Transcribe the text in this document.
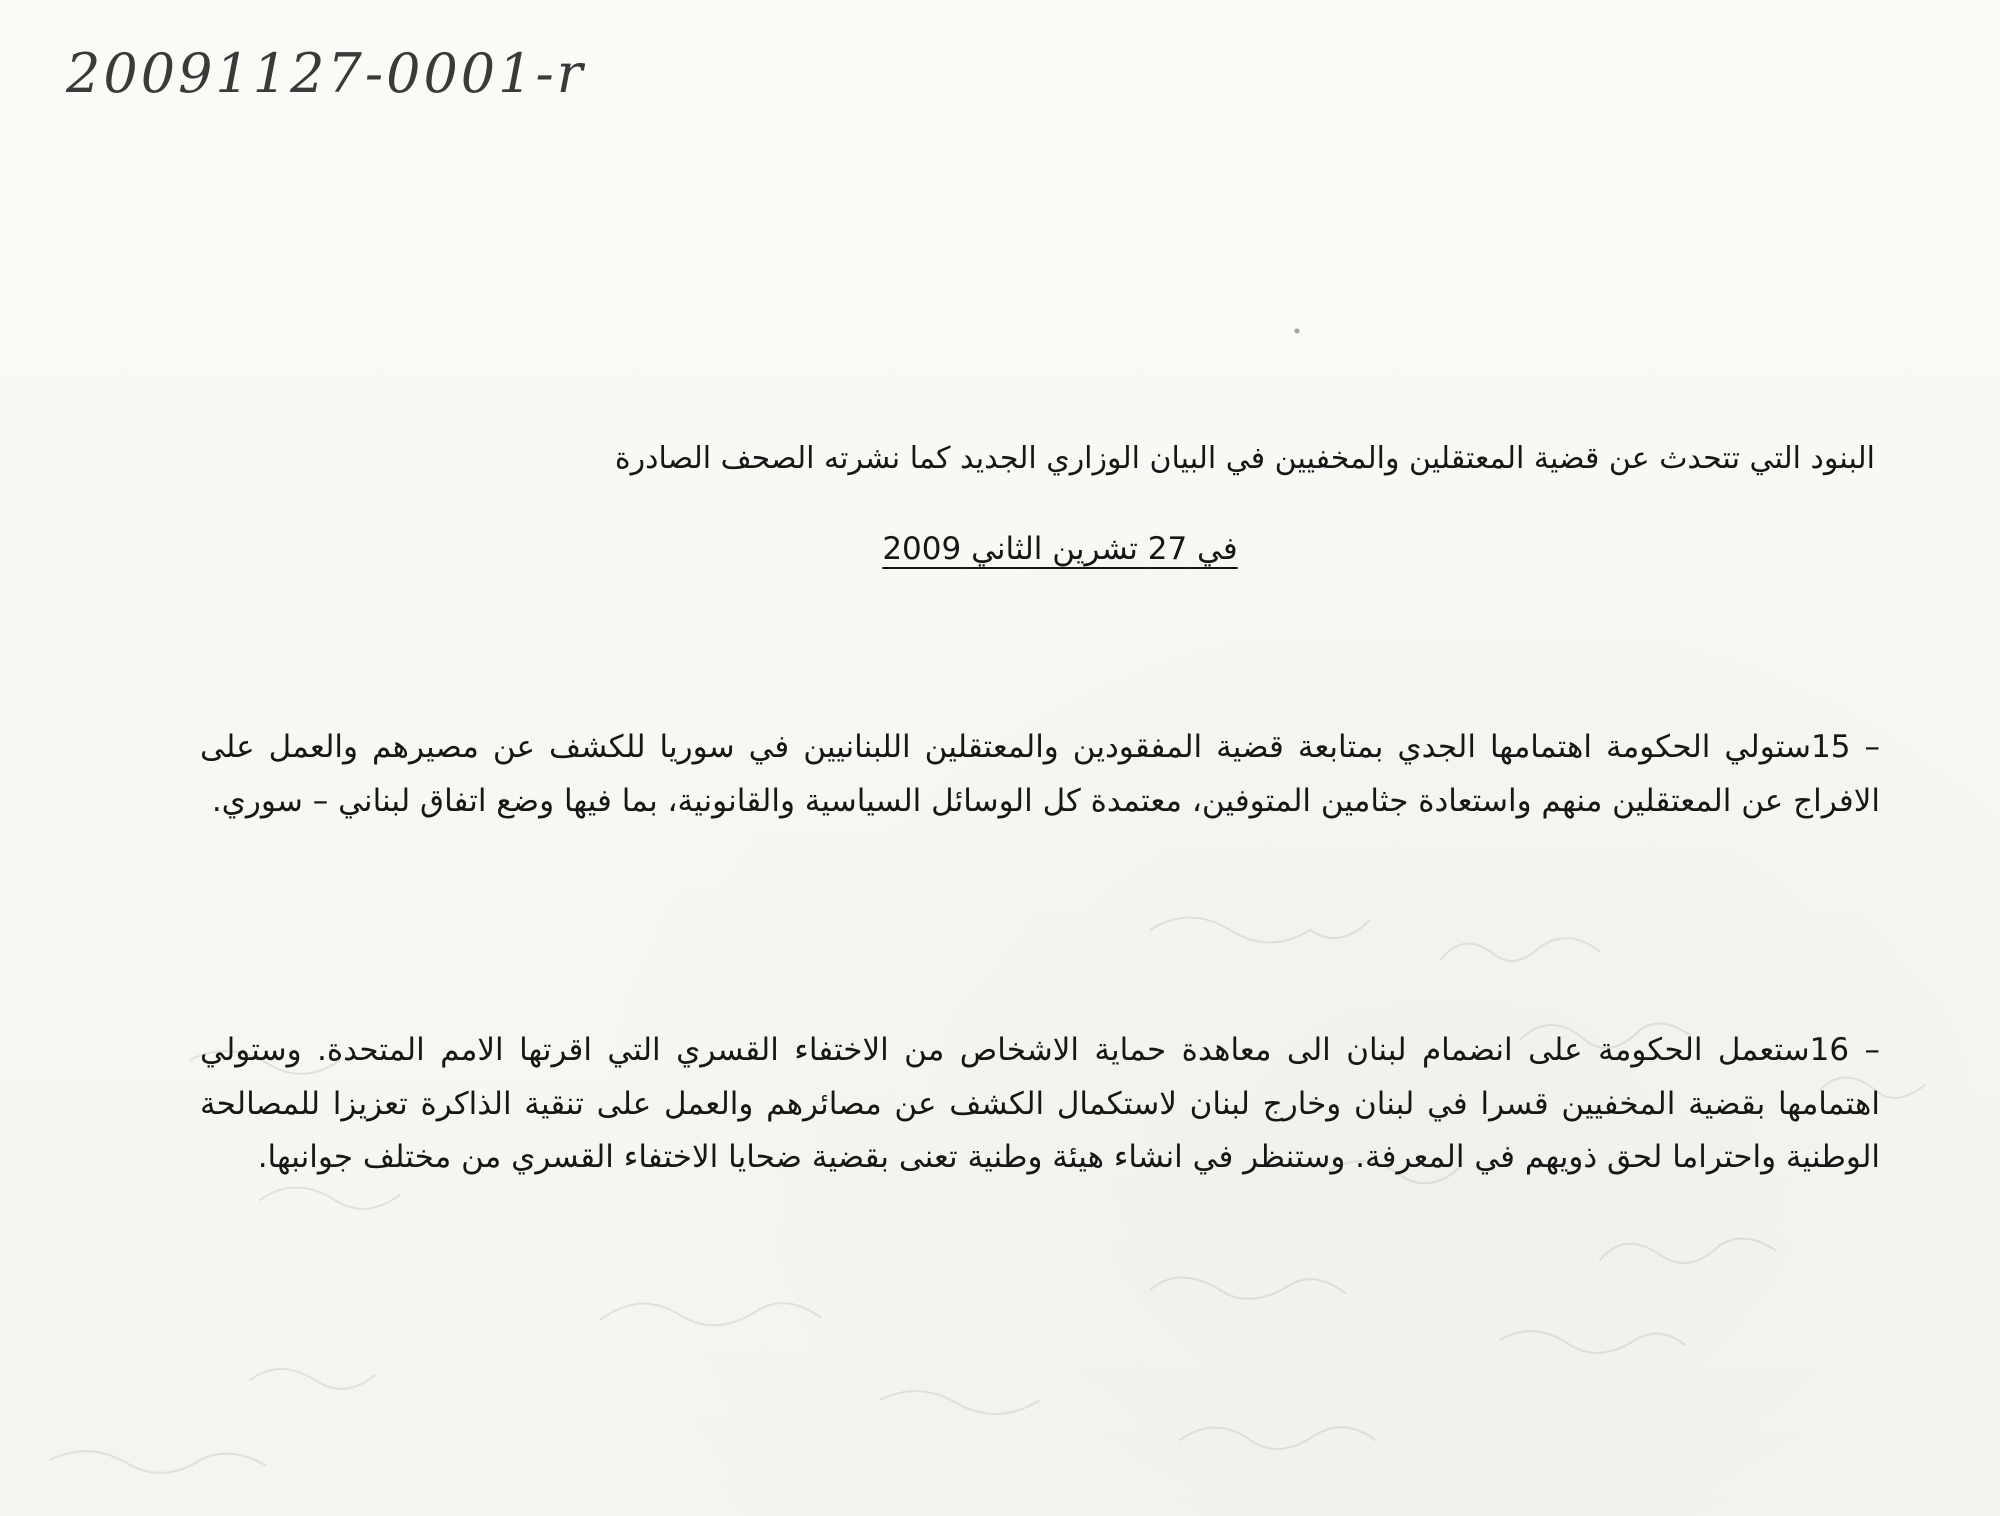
20091127-0001-r

البنود التي تتحدث عن قضية المعتقلين والمخفيين في البيان الوزاري الجديد كما نشرته الصحف الصادرة

في 27 تشرين الثاني 2009

– 15ستولي الحكومة اهتمامها الجدي بمتابعة قضية المفقودين والمعتقلين اللبنانيين في سوريا للكشف عن مصيرهم والعمل على الافراج عن المعتقلين منهم واستعادة جثامين المتوفين، معتمدة كل الوسائل السياسية والقانونية، بما فيها وضع اتفاق لبناني – سوري.

– 16ستعمل الحكومة على انضمام لبنان الى معاهدة حماية الاشخاص من الاختفاء القسري التي اقرتها الامم المتحدة. وستولي اهتمامها بقضية المخفيين قسرا في لبنان وخارج لبنان لاستكمال الكشف عن مصائرهم والعمل على تنقية الذاكرة تعزيزا للمصالحة الوطنية واحتراما لحق ذويهم في المعرفة. وستنظر في انشاء هيئة وطنية تعنى بقضية ضحايا الاختفاء القسري من مختلف جوانبها.
